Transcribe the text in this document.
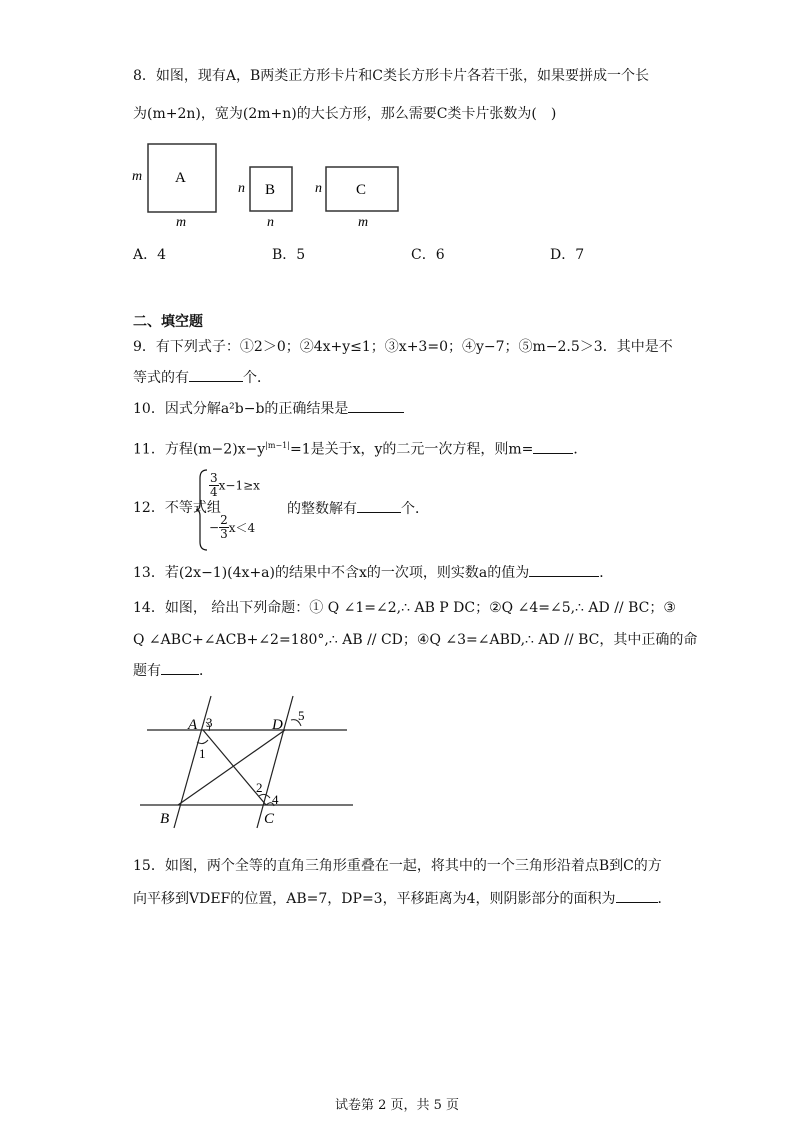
8．如图，现有A，B两类正方形卡片和C类长方形卡片各若干张，如果要拼成一个长
为(m+2n)，宽为(2m+n)的大长方形，那么需要C类卡片张数为(　)
A
m
m
B
n
n
C
n
m
A．4	B．5	C．6	D．7
二、填空题
9．有下列式子：①2＞0；②4x+y≤1；③x+3=0；④y−7；⑤m−2.5＞3．其中是不
等式的有	个．
10．因式分解a²b−b的正确结果是
11．方程$(m-2)x-y^{|m-1|}=1$是关于x，y的二元一次方程，则m=	．
12．不等式组
$\frac{3}{4} x-1\ge x$
− $\frac{2}{3} x<4$
的整数解有	个．
13．若(2x−1)(4x+a)的结果中不含x的一次项，则实数a的值为	．
14．如图， 给出下列命题：① Q ∠1=∠2,∴ AB P DC；②Q ∠4=∠5,∴ AD // BC；③
Q ∠ABC+∠ACB+∠2=180°,∴ AB // CD；④Q ∠3=∠ABD,∴ AD // BC，其中正确的命
题有	．
A 3	D
5
1
2
4
B	C
15．如图，两个全等的直角三角形重叠在一起，将其中的一个三角形沿着点B到C的方
向平移到VDEF的位置，AB=7，DP=3，平移距离为4，则阴影部分的面积为	．
试卷第 2 页，共 5 页
